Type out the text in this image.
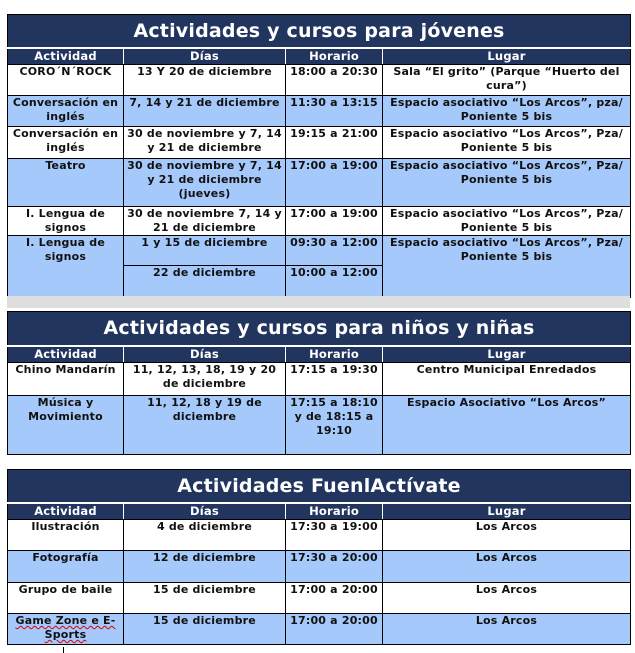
Actividades y cursos para jóvenes			
Actividad	Días	Horario	Lugar
CORO´N´ROCK	13 Y 20 de diciembre	18:00 a 20:30	Sala “El grito” (Parque “Huerto del cura”)
Conversación en inglés	7, 14 y 21 de diciembre	11:30 a 13:15	Espacio asociativo “Los Arcos”, pza/ Poniente 5 bis
Conversación en inglés	30 de noviembre y 7, 14 y 21 de diciembre	19:15 a 21:00	Espacio asociativo “Los Arcos”, Pza/ Poniente 5 bis
Teatro	30 de noviembre y 7, 14 y 21 de diciembre (jueves)	17:00 a 19:00	Espacio asociativo “Los Arcos”, Pza/ Poniente 5 bis
I. Lengua de signos	30 de noviembre 7, 14 y 21 de diciembre	17:00 a 19:00	Espacio asociativo “Los Arcos”, Pza/ Poniente 5 bis
I. Lengua de signos	1 y 15 de diciembre	09:30 a 12:00	Espacio asociativo “Los Arcos”, Pza/ Poniente 5 bis
	22 de diciembre	10:00 a 12:00	
Actividades y cursos para niños y niñas			
Actividad	Días	Horario	Lugar
Chino Mandarín	11, 12, 13, 18, 19 y 20 de diciembre	17:15 a 19:30	Centro Municipal Enredados
Música y Movimiento	11, 12, 18 y 19 de diciembre	17:15 a 18:10 y de 18:15 a 19:10	Espacio Asociativo “Los Arcos”
Actividades FuenlActívate			
Actividad	Días	Horario	Lugar
Ilustración	4 de diciembre	17:30 a 19:00	Los Arcos
Fotografía	12 de diciembre	17:30 a 20:00	Los Arcos
Grupo de baile	15 de diciembre	17:00 a 20:00	Los Arcos
Game Zone e E-Sports	15 de diciembre	17:00 a 20:00	Los Arcos
